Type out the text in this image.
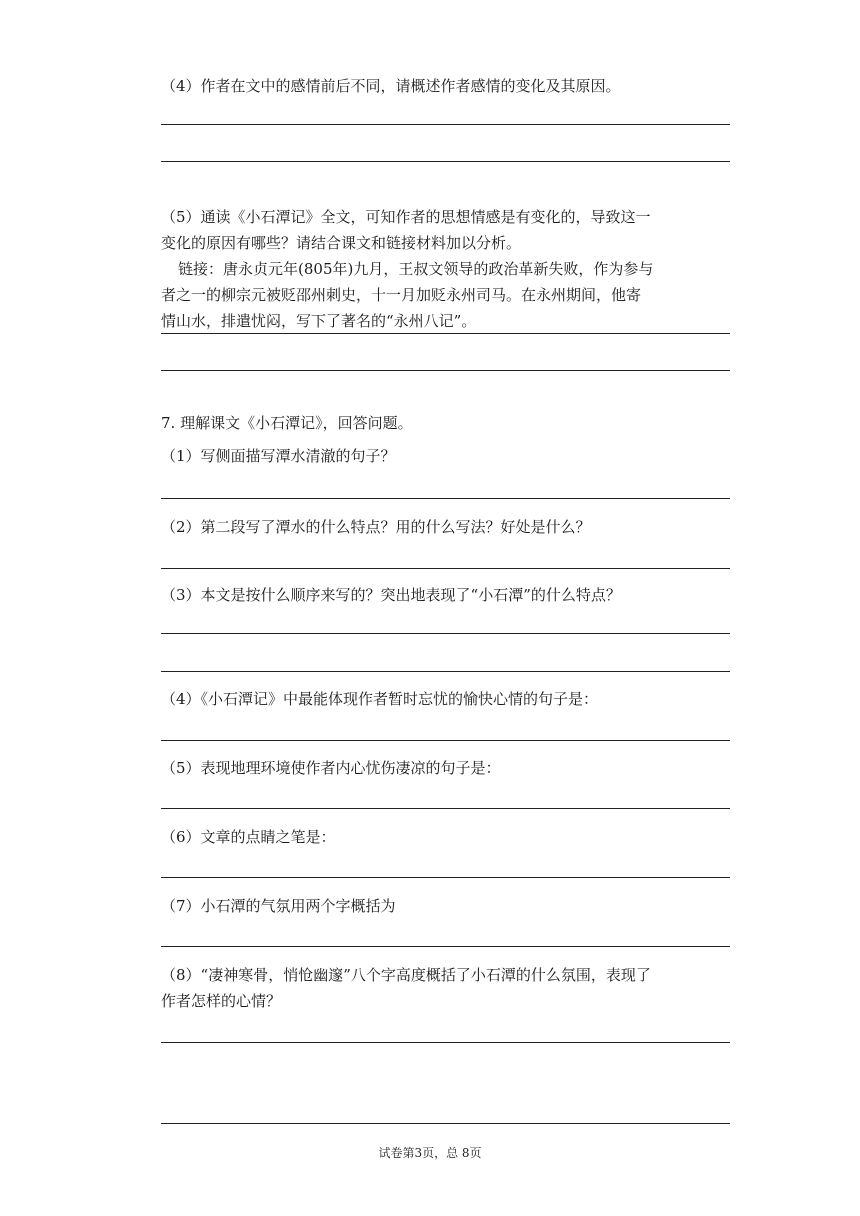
（4）作者在文中的感情前后不同，请概述作者感情的变化及其原因。
（5）通读《小石潭记》全文，可知作者的思想情感是有变化的，导致这一
变化的原因有哪些？请结合课文和链接材料加以分析。
链接：唐永贞元年(805年)九月，王叔文领导的政治革新失败，作为参与
者之一的柳宗元被贬邵州刺史，十一月加贬永州司马。在永州期间，他寄
情山水，排遣忧闷，写下了著名的“永州八记”。
7. 理解课文《小石潭记》，回答问题。
（1）写侧面描写潭水清澈的句子？
（2）第二段写了潭水的什么特点？用的什么写法？好处是什么？
（3）本文是按什么顺序来写的？突出地表现了“小石潭”的什么特点？
（4）《小石潭记》中最能体现作者暂时忘忧的愉快心情的句子是：
（5）表现地理环境使作者内心忧伤凄凉的句子是：
（6）文章的点睛之笔是：
（7）小石潭的气氛用两个字概括为
（8）“凄神寒骨，悄怆幽邃”八个字高度概括了小石潭的什么氛围，表现了
作者怎样的心情？
试卷第3页，总 8页
